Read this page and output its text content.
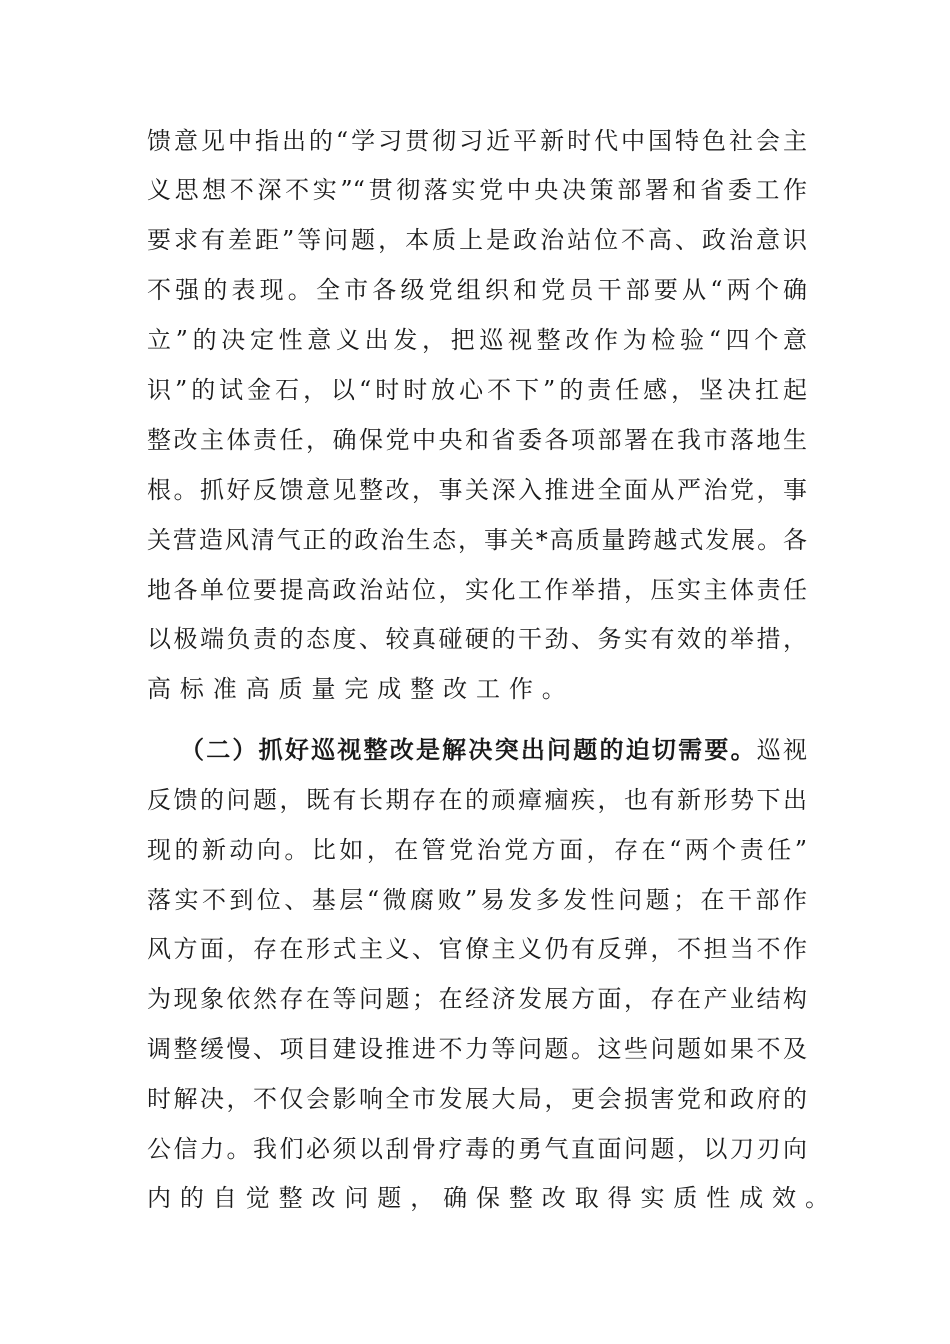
馈意见中指出的“学习贯彻习近平新时代中国特色社会主
义思想不深不实”“贯彻落实党中央决策部署和省委工作
要求有差距”等问题，本质上是政治站位不高、政治意识
不强的表现。全市各级党组织和党员干部要从“两个确
立”的决定性意义出发，把巡视整改作为检验“四个意
识”的试金石，以“时时放心不下”的责任感，坚决扛起
整改主体责任，确保党中央和省委各项部署在我市落地生
根。抓好反馈意见整改，事关深入推进全面从严治党，事
关营造风清气正的政治生态，事关*高质量跨越式发展。各
地各单位要提高政治站位，实化工作举措，压实主体责任
以极端负责的态度、较真碰硬的干劲、务实有效的举措，
高标准高质量完成整改工作。
（二）抓好巡视整改是解决突出问题的迫切需要。巡视
反馈的问题，既有长期存在的顽瘴痼疾，也有新形势下出
现的新动向。比如，在管党治党方面，存在“两个责任”
落实不到位、基层“微腐败”易发多发性问题；在干部作
风方面，存在形式主义、官僚主义仍有反弹，不担当不作
为现象依然存在等问题；在经济发展方面，存在产业结构
调整缓慢、项目建设推进不力等问题。这些问题如果不及
时解决，不仅会影响全市发展大局，更会损害党和政府的
公信力。我们必须以刮骨疗毒的勇气直面问题，以刀刃向
内的自觉整改问题，确保整改取得实质性成效。
